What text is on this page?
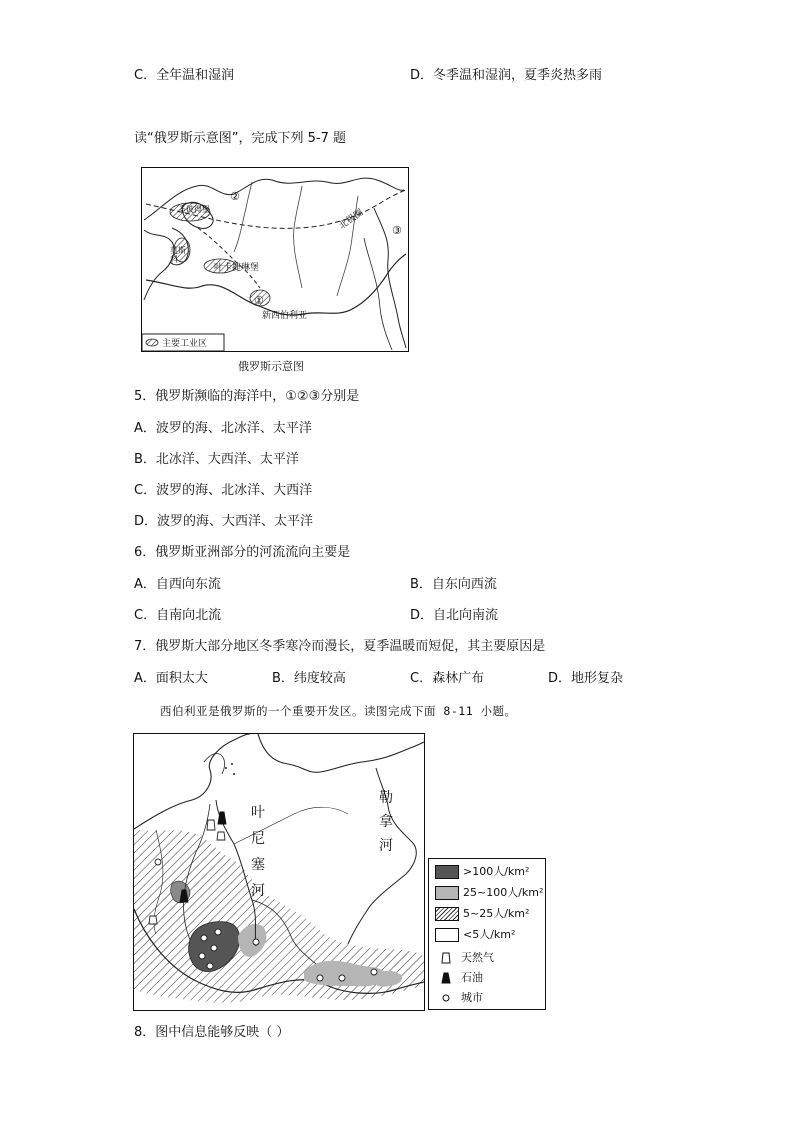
C．全年温和湿润	D．冬季温和湿润，夏季炎热多雨
读“俄罗斯示意图”，完成下列 5-7 题
②
③
①
北极圈
叶卡捷琳堡
新西伯利亚
圣彼得堡
莫斯科
主要工业区
俄罗斯示意图
5．俄罗斯濒临的海洋中，①②③分别是
A．波罗的海、北冰洋、太平洋
B．北冰洋、大西洋、太平洋
C．波罗的海、北冰洋、大西洋
D．波罗的海、大西洋、太平洋
6．俄罗斯亚洲部分的河流流向主要是
A．自西向东流	B．自东向西流
C．自南向北流	D．自北向南流
7．俄罗斯大部分地区冬季寒冷而漫长，夏季温暖而短促，其主要原因是
A．面积太大	B．纬度较高	C．森林广布	D．地形复杂
西伯利亚是俄罗斯的一个重要开发区。读图完成下面 8-11 小题。
叶
尼
塞
河
勒
拿
河
>100人/km²
25~100人/km²
5~25人/km²
<5人/km²
天然气
石油
城市
8．图中信息能够反映（ ）
